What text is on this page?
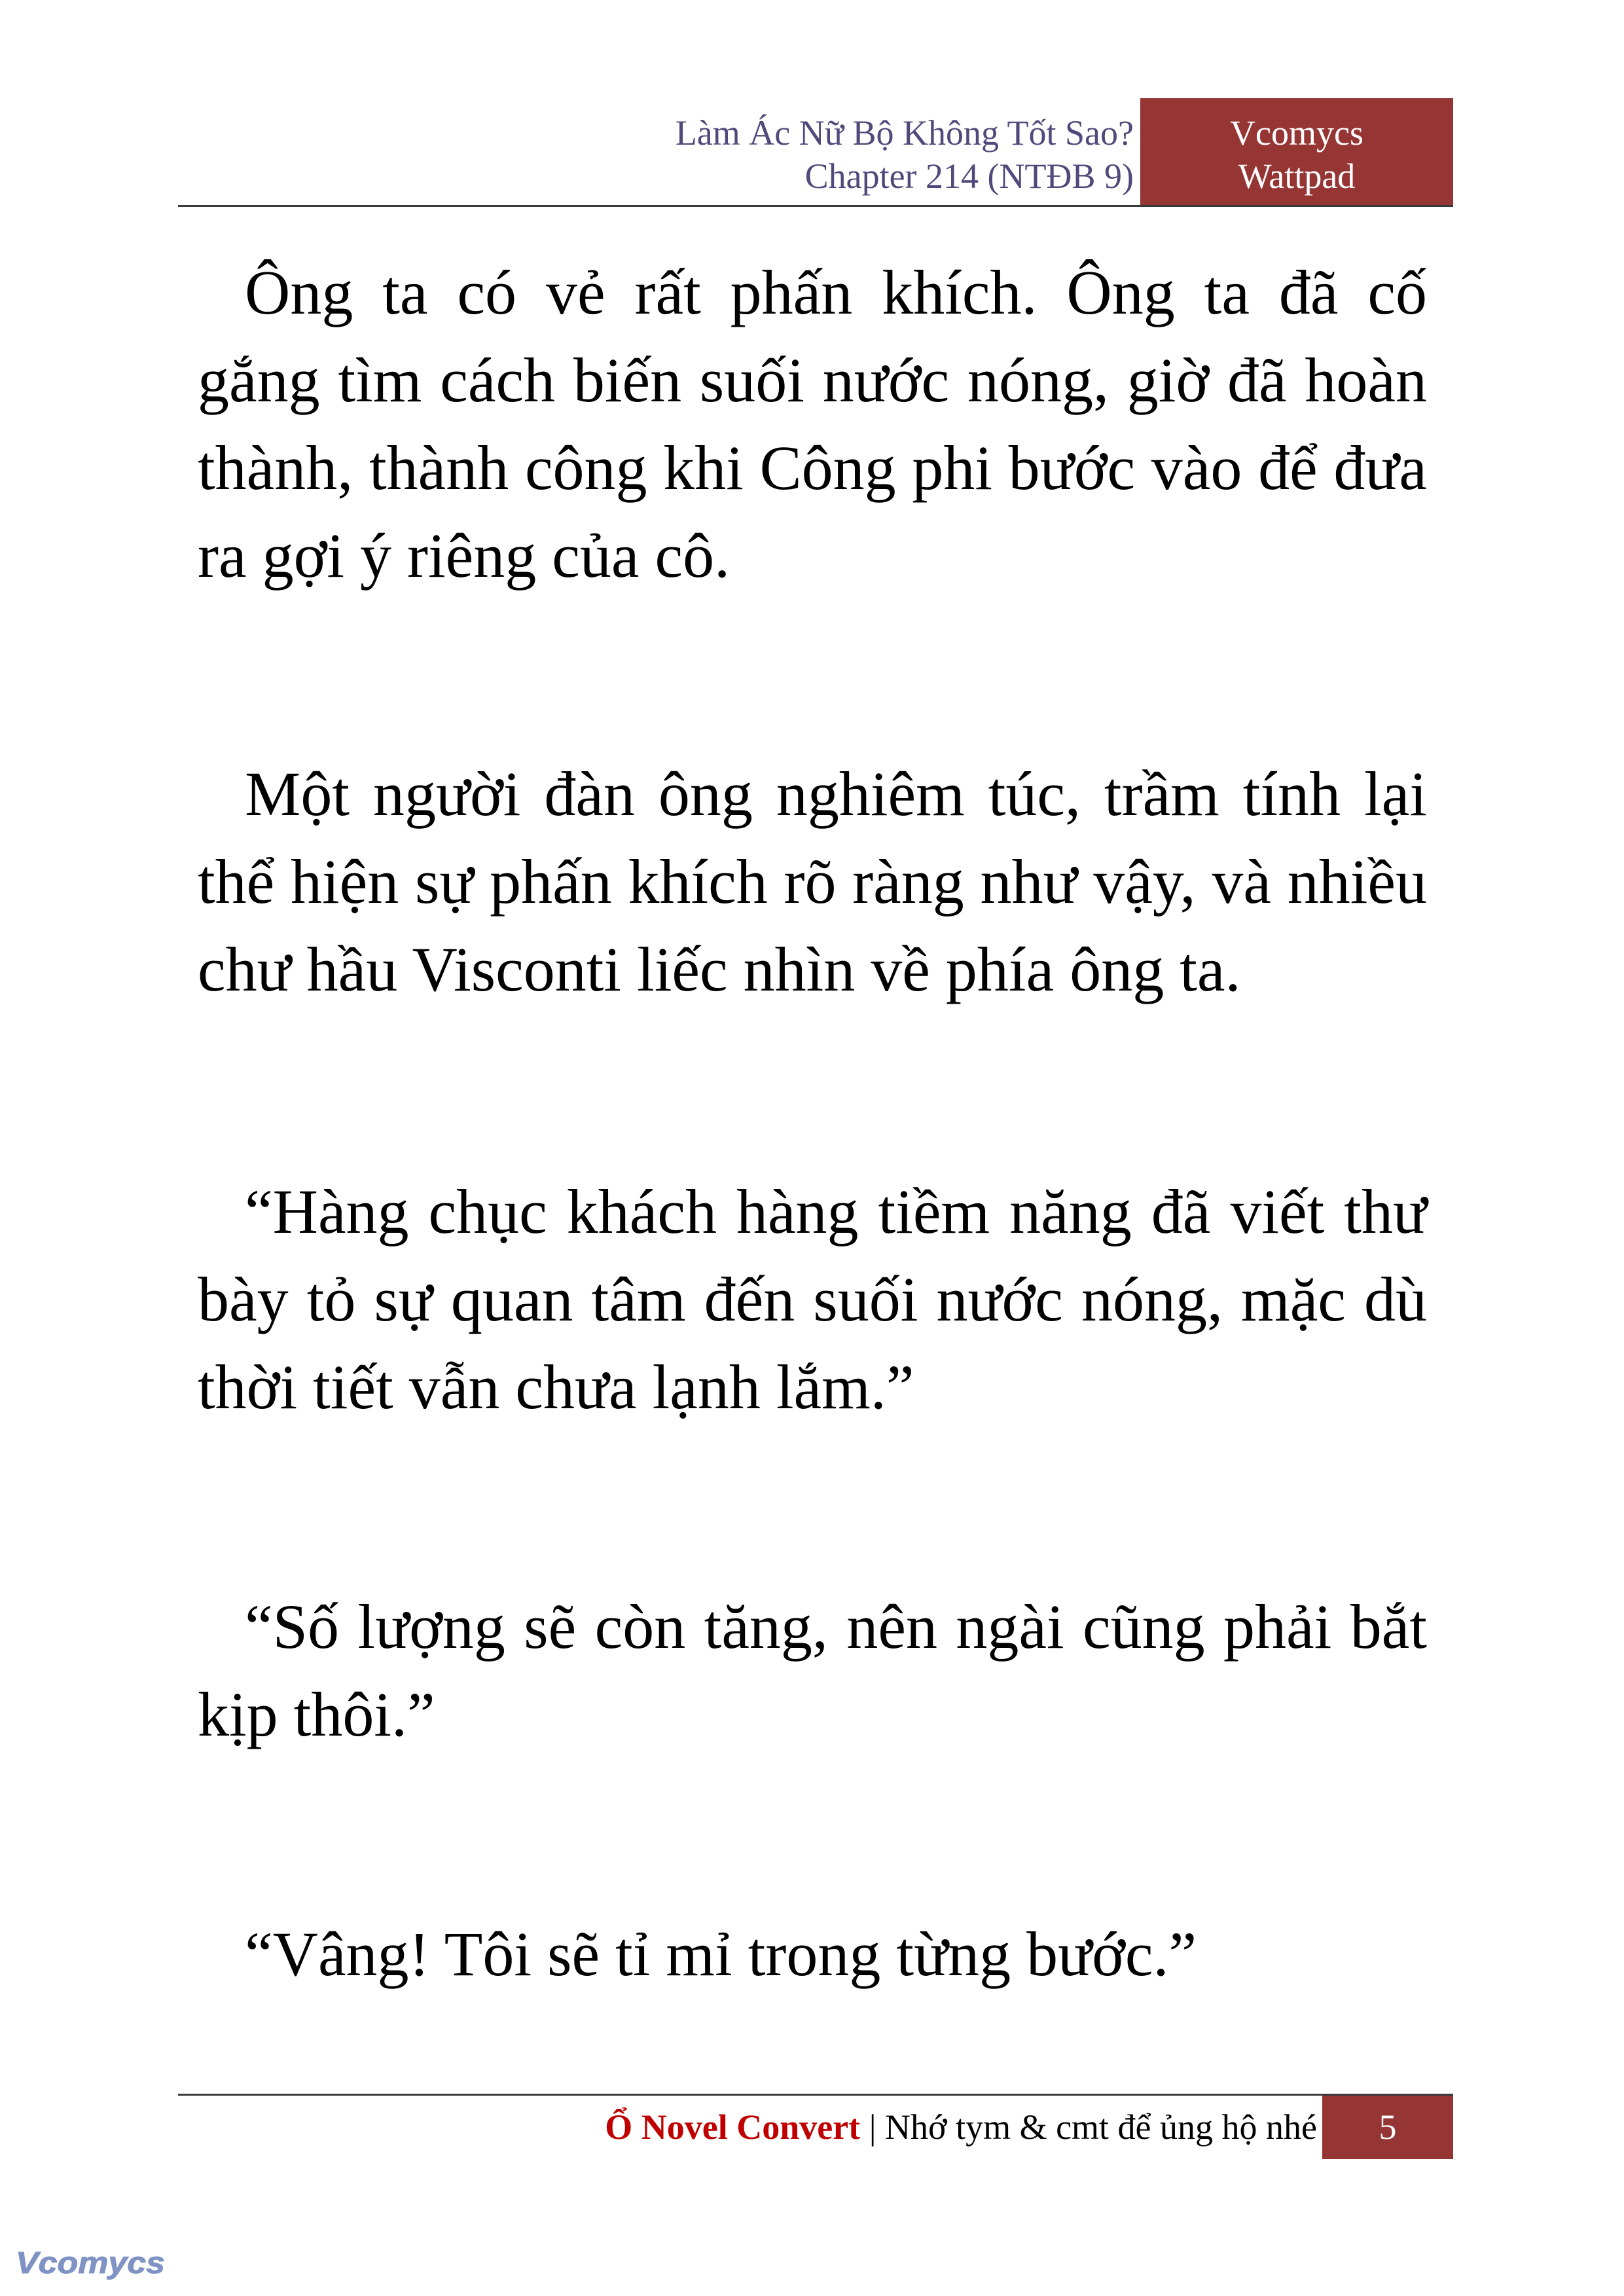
Làm Ác Nữ Bộ Không Tốt Sao?
Chapter 214 (NTĐB 9)
Vcomycs
Wattpad

Ông ta có vẻ rất phấn khích. Ông ta đã cố gắng tìm cách biến suối nước nóng, giờ đã hoàn thành, thành công khi Công phi bước vào để đưa ra gợi ý riêng của cô.

Một người đàn ông nghiêm túc, trầm tính lại thể hiện sự phấn khích rõ ràng như vậy, và nhiều chư hầu Visconti liếc nhìn về phía ông ta.

“Hàng chục khách hàng tiềm năng đã viết thư bày tỏ sự quan tâm đến suối nước nóng, mặc dù thời tiết vẫn chưa lạnh lắm.”

“Số lượng sẽ còn tăng, nên ngài cũng phải bắt kịp thôi.”

“Vâng! Tôi sẽ tỉ mỉ trong từng bước.”

Ổ Novel Convert | Nhớ tym & cmt để ủng hộ nhé	5
Vcomycs
